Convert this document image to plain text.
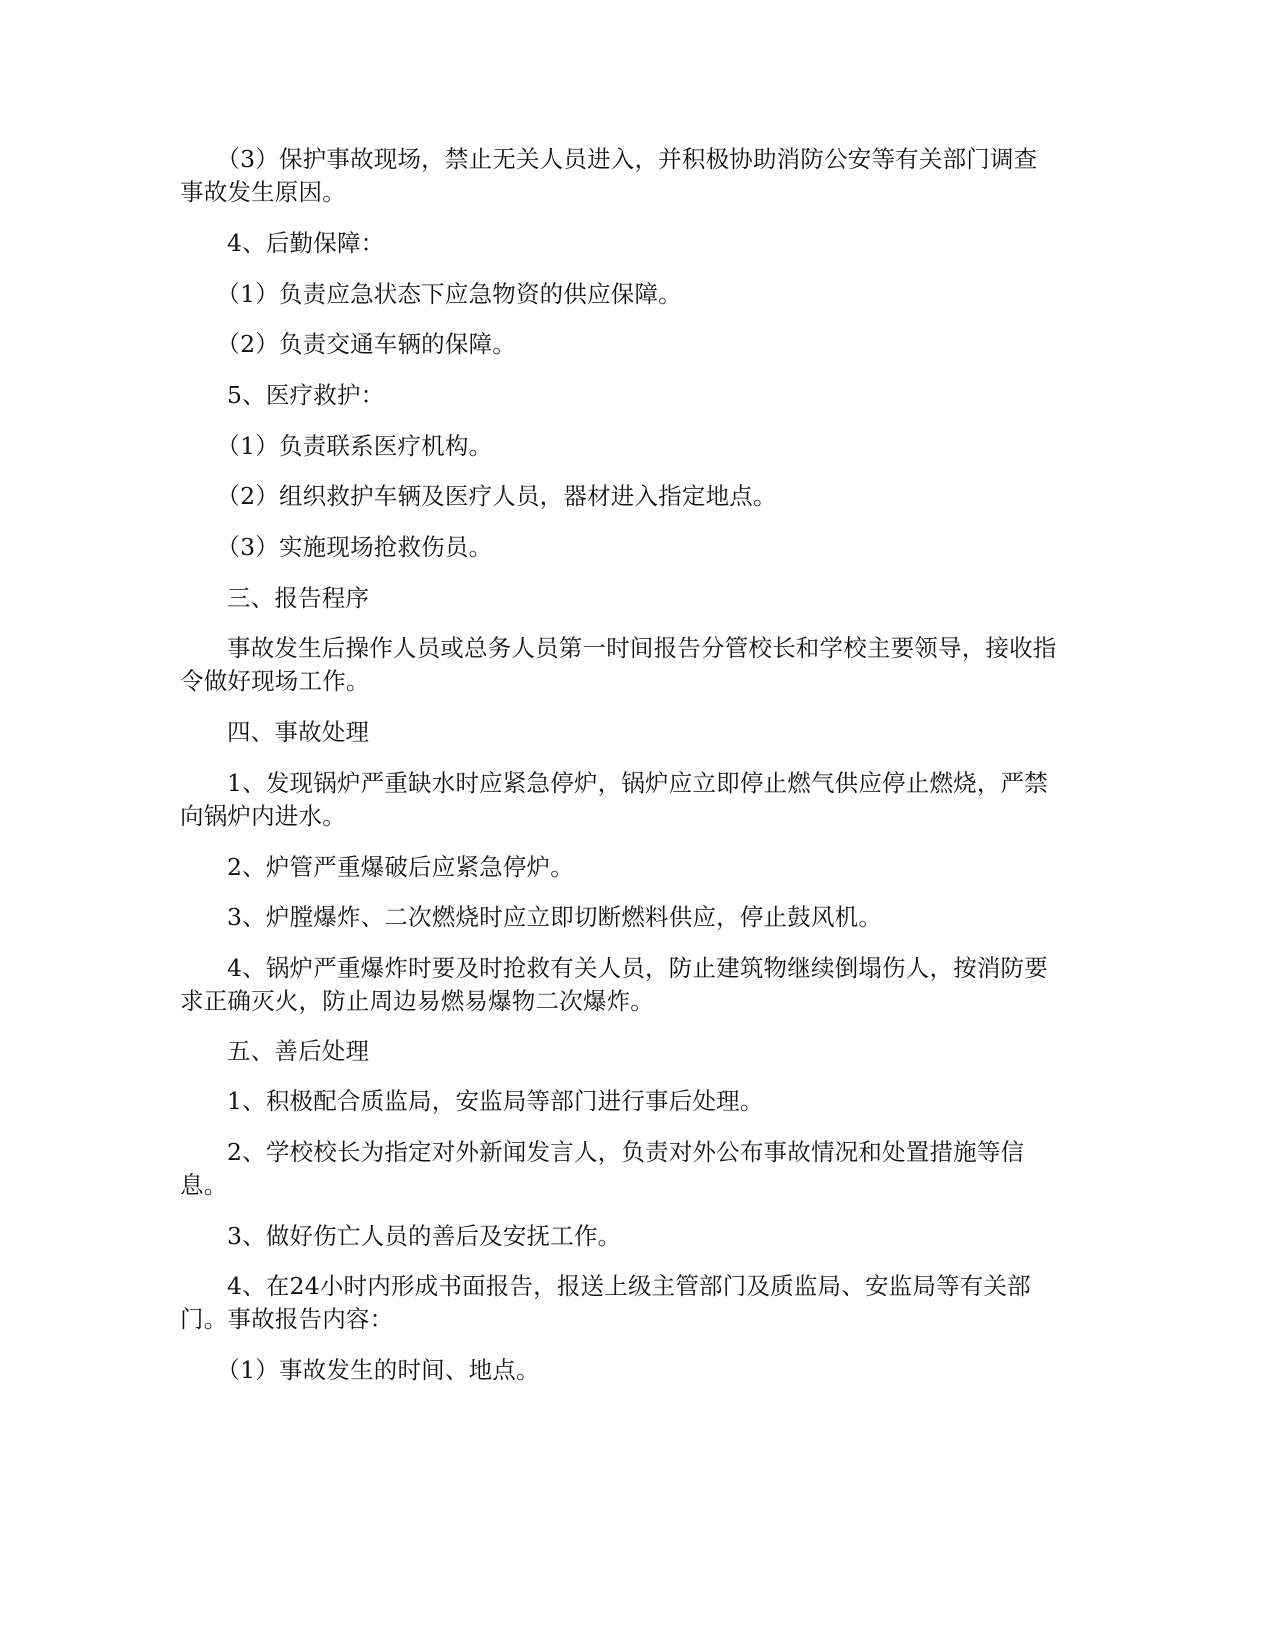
（3）保护事故现场，禁止无关人员进入，并积极协助消防公安等有关部门调查事故发生原因。

4、后勤保障：

（1）负责应急状态下应急物资的供应保障。

（2）负责交通车辆的保障。

5、医疗救护：

（1）负责联系医疗机构。

（2）组织救护车辆及医疗人员，器材进入指定地点。

（3）实施现场抢救伤员。

三、报告程序

事故发生后操作人员或总务人员第一时间报告分管校长和学校主要领导，接收指令做好现场工作。

四、事故处理

1、发现锅炉严重缺水时应紧急停炉，锅炉应立即停止燃气供应停止燃烧，严禁向锅炉内进水。

2、炉管严重爆破后应紧急停炉。

3、炉膛爆炸、二次燃烧时应立即切断燃料供应，停止鼓风机。

4、锅炉严重爆炸时要及时抢救有关人员，防止建筑物继续倒塌伤人，按消防要求正确灭火，防止周边易燃易爆物二次爆炸。

五、善后处理

1、积极配合质监局，安监局等部门进行事后处理。

2、学校校长为指定对外新闻发言人，负责对外公布事故情况和处置措施等信息。

3、做好伤亡人员的善后及安抚工作。

4、在24小时内形成书面报告，报送上级主管部门及质监局、安监局等有关部门。事故报告内容：

（1）事故发生的时间、地点。
